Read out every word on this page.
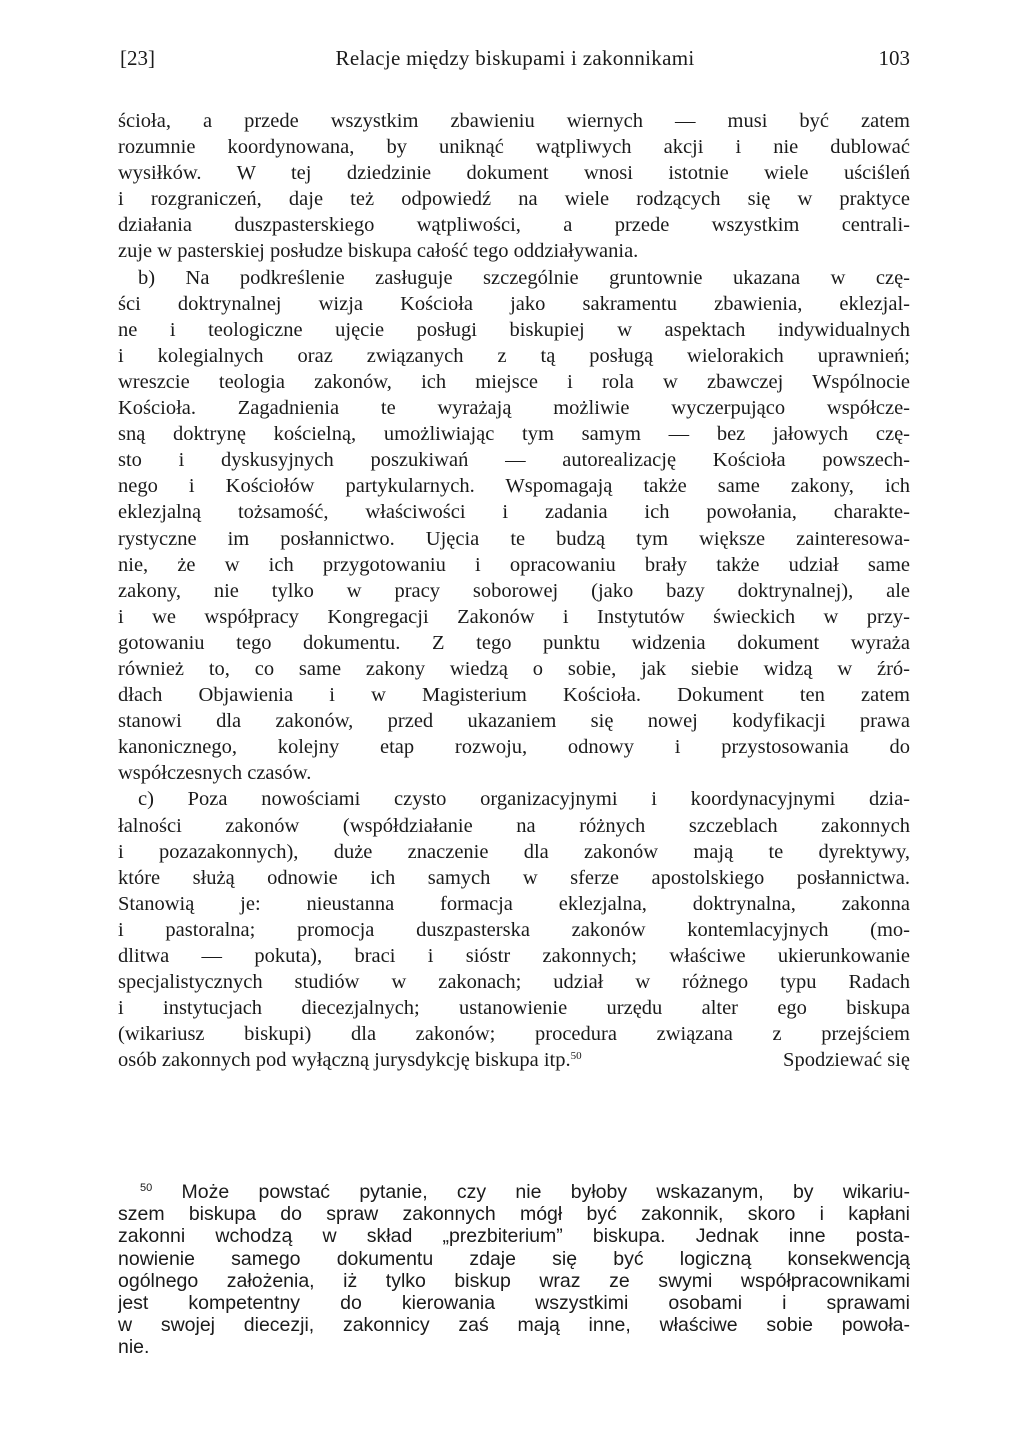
[23]	Relacje między biskupami i zakonnikami	103

ścioła, a przede wszystkim zbawieniu wiernych — musi być zatem
rozumnie koordynowana, by uniknąć wątpliwych akcji i nie dublować
wysiłków. W tej dziedzinie dokument wnosi istotnie wiele uściśleń
i rozgraniczeń, daje też odpowiedź na wiele rodzących się w praktyce
działania duszpasterskiego wątpliwości, a przede wszystkim centrali-
zuje w pasterskiej posłudze biskupa całość tego oddziaływania.

b) Na podkreślenie zasługuje szczególnie gruntownie ukazana w czę-
ści doktrynalnej wizja Kościoła jako sakramentu zbawienia, eklezjal-
ne i teologiczne ujęcie posługi biskupiej w aspektach indywidualnych
i kolegialnych oraz związanych z tą posługą wielorakich uprawnień;
wreszcie teologia zakonów, ich miejsce i rola w zbawczej Wspólnocie
Kościoła. Zagadnienia te wyrażają możliwie wyczerpująco współcze-
sną doktrynę kościelną, umożliwiając tym samym — bez jałowych czę-
sto i dyskusyjnych poszukiwań — autorealizację Kościoła powszech-
nego i Kościołów partykularnych. Wspomagają także same zakony, ich
eklezjalną tożsamość, właściwości i zadania ich powołania, charakte-
rystyczne im posłannictwo. Ujęcia te budzą tym większe zainteresowa-
nie, że w ich przygotowaniu i opracowaniu brały także udział same
zakony, nie tylko w pracy soborowej (jako bazy doktrynalnej), ale
i we współpracy Kongregacji Zakonów i Instytutów świeckich w przy-
gotowaniu tego dokumentu. Z tego punktu widzenia dokument wyraża
również to, co same zakony wiedzą o sobie, jak siebie widzą w źró-
dłach Objawienia i w Magisterium Kościoła. Dokument ten zatem
stanowi dla zakonów, przed ukazaniem się nowej kodyfikacji prawa
kanonicznego, kolejny etap rozwoju, odnowy i przystosowania do
współczesnych czasów.

c) Poza nowościami czysto organizacyjnymi i koordynacyjnymi dzia-
łalności zakonów (współdziałanie na różnych szczeblach zakonnych
i pozazakonnych), duże znaczenie dla zakonów mają te dyrektywy,
które służą odnowie ich samych w sferze apostolskiego posłannictwa.
Stanowią je: nieustanna formacja eklezjalna, doktrynalna, zakonna
i pastoralna; promocja duszpasterska zakonów kontemlacyjnych (mo-
dlitwa — pokuta), braci i sióstr zakonnych; właściwe ukierunkowanie
specjalistycznych studiów w zakonach; udział w różnego typu Radach
i instytucjach diecezjalnych; ustanowienie urzędu alter ego biskupa
(wikariusz biskupi) dla zakonów; procedura związana z przejściem
osób zakonnych pod wyłączną jurysdykcję biskupa itp.$^{50}$	Spodziewać się

$^{50}$ Może powstać pytanie, czy nie byłoby wskazanym, by wikariu-
szem biskupa do spraw zakonnych mógł być zakonnik, skoro i kapłani
zakonni wchodzą w skład „prezbiterium” biskupa. Jednak inne posta-
nowienie samego dokumentu zdaje się być logiczną konsekwencją
ogólnego założenia, iż tylko biskup wraz ze swymi współpracownikami
jest kompetentny do kierowania wszystkimi osobami i sprawami
w swojej diecezji, zakonnicy zaś mają inne, właściwe sobie powoła-
nie.
